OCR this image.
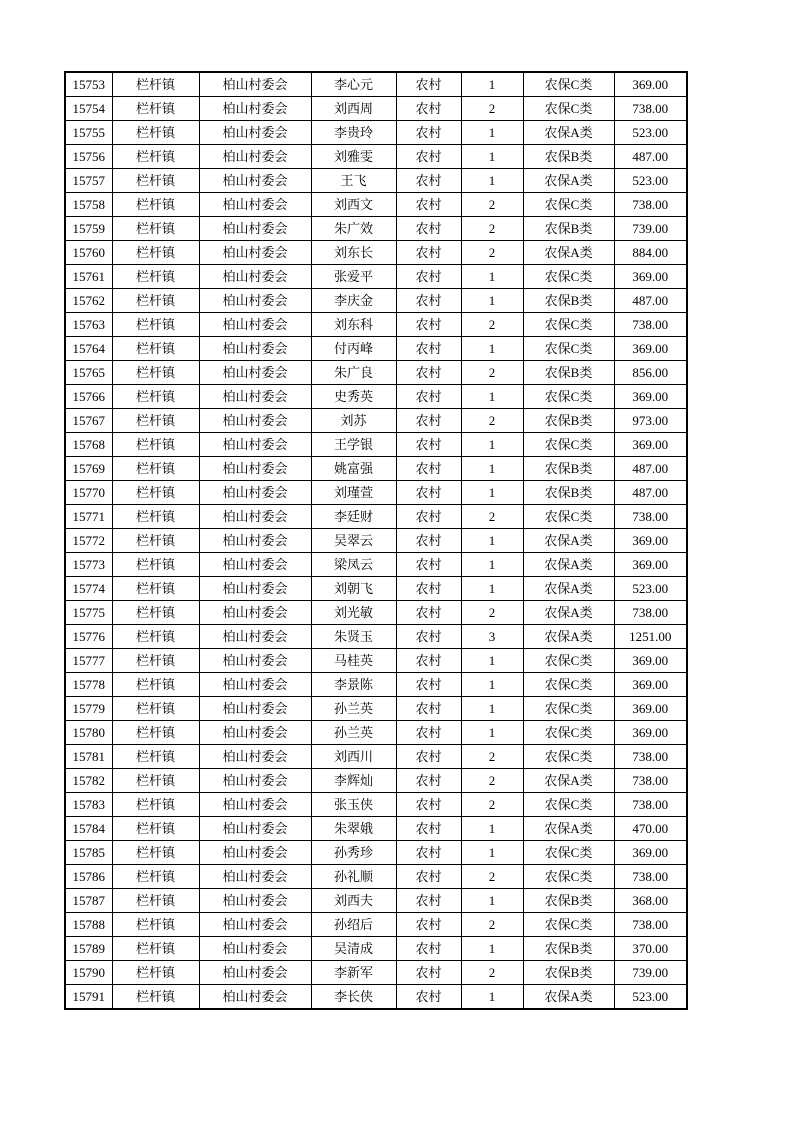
15753	栏杆镇	柏山村委会	李心元	农村	1	农保C类	369.00
15754	栏杆镇	柏山村委会	刘西周	农村	2	农保C类	738.00
15755	栏杆镇	柏山村委会	李贵玲	农村	1	农保A类	523.00
15756	栏杆镇	柏山村委会	刘雅雯	农村	1	农保B类	487.00
15757	栏杆镇	柏山村委会	王飞	农村	1	农保A类	523.00
15758	栏杆镇	柏山村委会	刘西文	农村	2	农保C类	738.00
15759	栏杆镇	柏山村委会	朱广效	农村	2	农保B类	739.00
15760	栏杆镇	柏山村委会	刘东长	农村	2	农保A类	884.00
15761	栏杆镇	柏山村委会	张爱平	农村	1	农保C类	369.00
15762	栏杆镇	柏山村委会	李庆金	农村	1	农保B类	487.00
15763	栏杆镇	柏山村委会	刘东科	农村	2	农保C类	738.00
15764	栏杆镇	柏山村委会	付丙峰	农村	1	农保C类	369.00
15765	栏杆镇	柏山村委会	朱广良	农村	2	农保B类	856.00
15766	栏杆镇	柏山村委会	史秀英	农村	1	农保C类	369.00
15767	栏杆镇	柏山村委会	刘苏	农村	2	农保B类	973.00
15768	栏杆镇	柏山村委会	王学银	农村	1	农保C类	369.00
15769	栏杆镇	柏山村委会	姚富强	农村	1	农保B类	487.00
15770	栏杆镇	柏山村委会	刘瑾萱	农村	1	农保B类	487.00
15771	栏杆镇	柏山村委会	李廷财	农村	2	农保C类	738.00
15772	栏杆镇	柏山村委会	吴翠云	农村	1	农保A类	369.00
15773	栏杆镇	柏山村委会	梁凤云	农村	1	农保A类	369.00
15774	栏杆镇	柏山村委会	刘朝飞	农村	1	农保A类	523.00
15775	栏杆镇	柏山村委会	刘光敏	农村	2	农保A类	738.00
15776	栏杆镇	柏山村委会	朱贤玉	农村	3	农保A类	1251.00
15777	栏杆镇	柏山村委会	马桂英	农村	1	农保C类	369.00
15778	栏杆镇	柏山村委会	李景陈	农村	1	农保C类	369.00
15779	栏杆镇	柏山村委会	孙兰英	农村	1	农保C类	369.00
15780	栏杆镇	柏山村委会	孙兰英	农村	1	农保C类	369.00
15781	栏杆镇	柏山村委会	刘西川	农村	2	农保C类	738.00
15782	栏杆镇	柏山村委会	李辉灿	农村	2	农保A类	738.00
15783	栏杆镇	柏山村委会	张玉侠	农村	2	农保C类	738.00
15784	栏杆镇	柏山村委会	朱翠娥	农村	1	农保A类	470.00
15785	栏杆镇	柏山村委会	孙秀珍	农村	1	农保C类	369.00
15786	栏杆镇	柏山村委会	孙礼顺	农村	2	农保C类	738.00
15787	栏杆镇	柏山村委会	刘西夫	农村	1	农保B类	368.00
15788	栏杆镇	柏山村委会	孙绍后	农村	2	农保C类	738.00
15789	栏杆镇	柏山村委会	吴清成	农村	1	农保B类	370.00
15790	栏杆镇	柏山村委会	李新军	农村	2	农保B类	739.00
15791	栏杆镇	柏山村委会	李长侠	农村	1	农保A类	523.00
